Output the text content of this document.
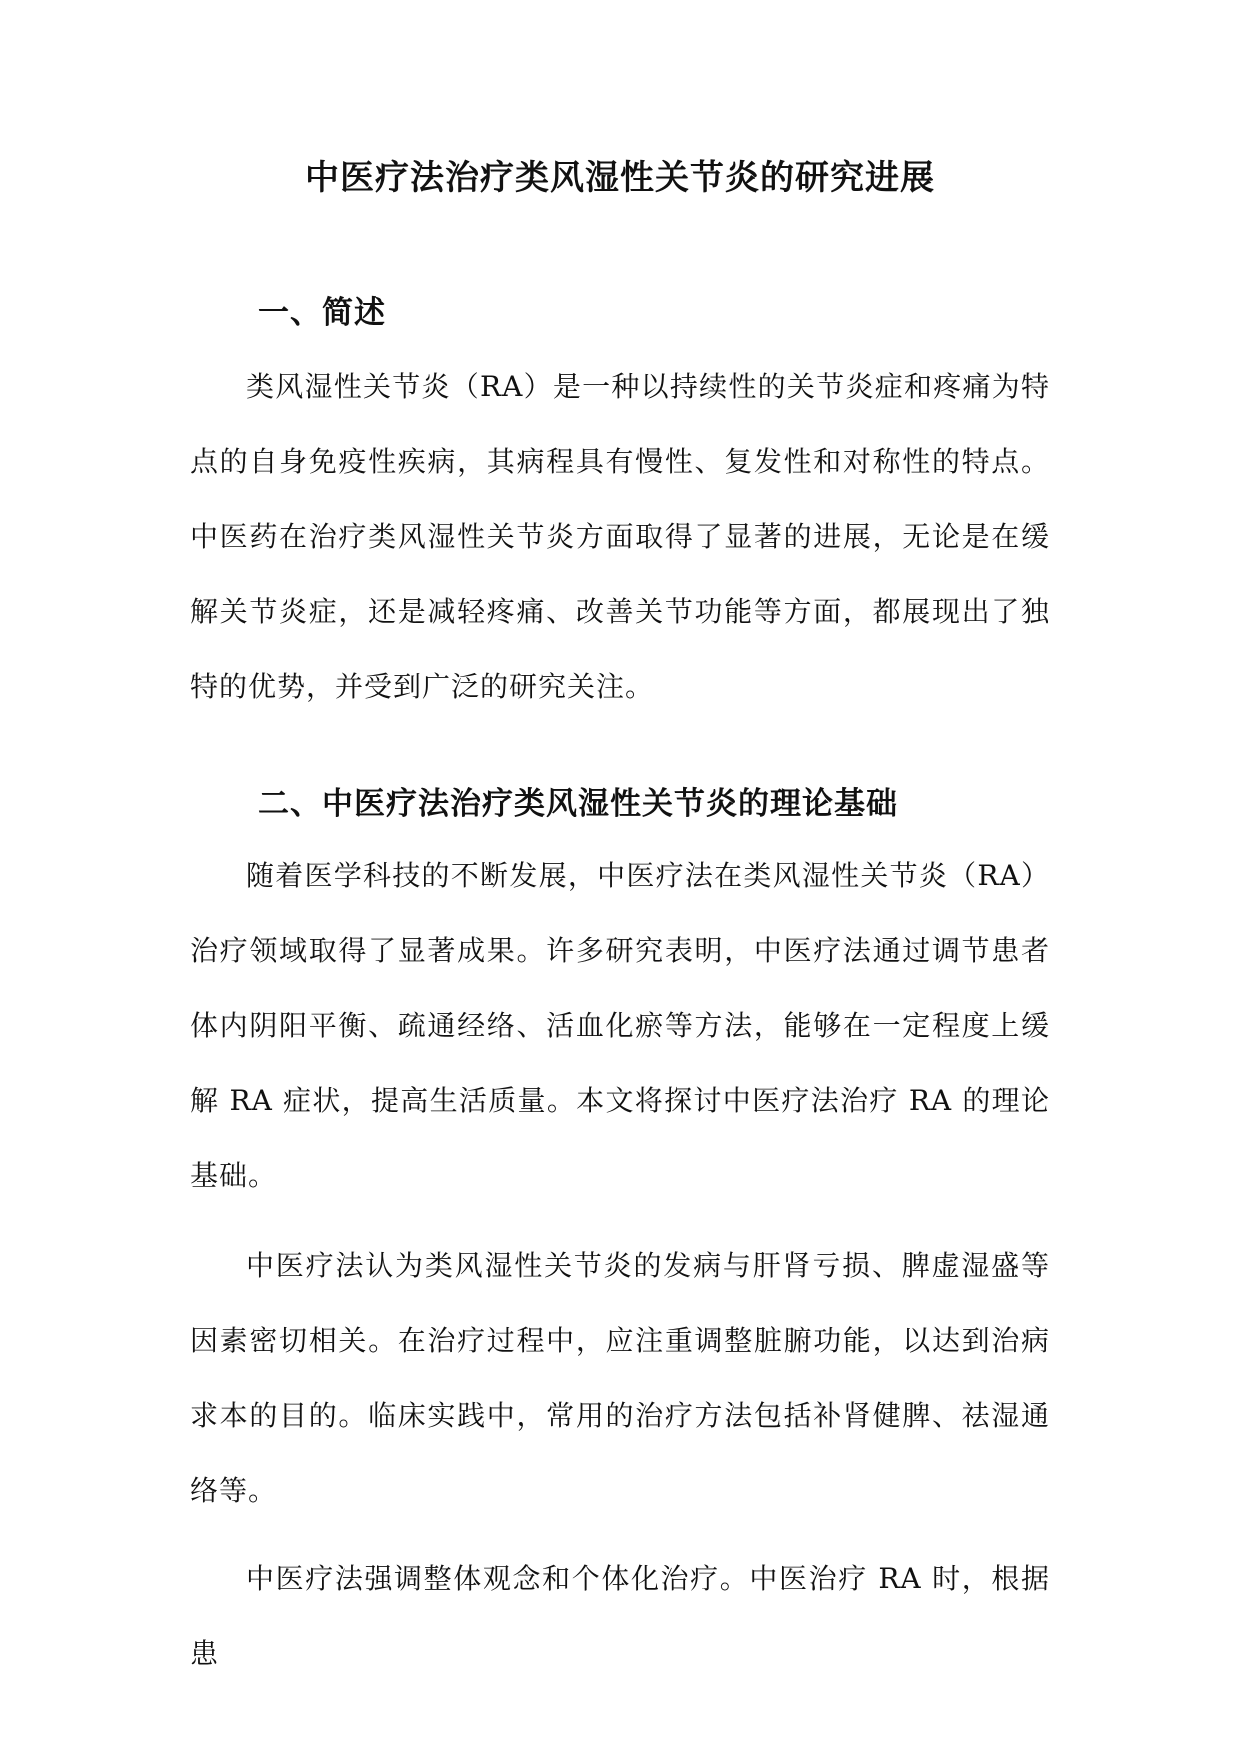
中医疗法治疗类风湿性关节炎的研究进展
一、简述

类风湿性关节炎（RA）是一种以持续性的关节炎症和疼痛为特点的自身免疫性疾病，其病程具有慢性、复发性和对称性的特点。中医药在治疗类风湿性关节炎方面取得了显著的进展，无论是在缓解关节炎症，还是减轻疼痛、改善关节功能等方面，都展现出了独特的优势，并受到广泛的研究关注。

二、中医疗法治疗类风湿性关节炎的理论基础

随着医学科技的不断发展，中医疗法在类风湿性关节炎（RA）治疗领域取得了显著成果。许多研究表明，中医疗法通过调节患者体内阴阳平衡、疏通经络、活血化瘀等方法，能够在一定程度上缓解 RA 症状，提高生活质量。本文将探讨中医疗法治疗 RA 的理论基础。

中医疗法认为类风湿性关节炎的发病与肝肾亏损、脾虚湿盛等因素密切相关。在治疗过程中，应注重调整脏腑功能，以达到治病求本的目的。临床实践中，常用的治疗方法包括补肾健脾、祛湿通络等。

中医疗法强调整体观念和个体化治疗。中医治疗 RA 时，根据患
